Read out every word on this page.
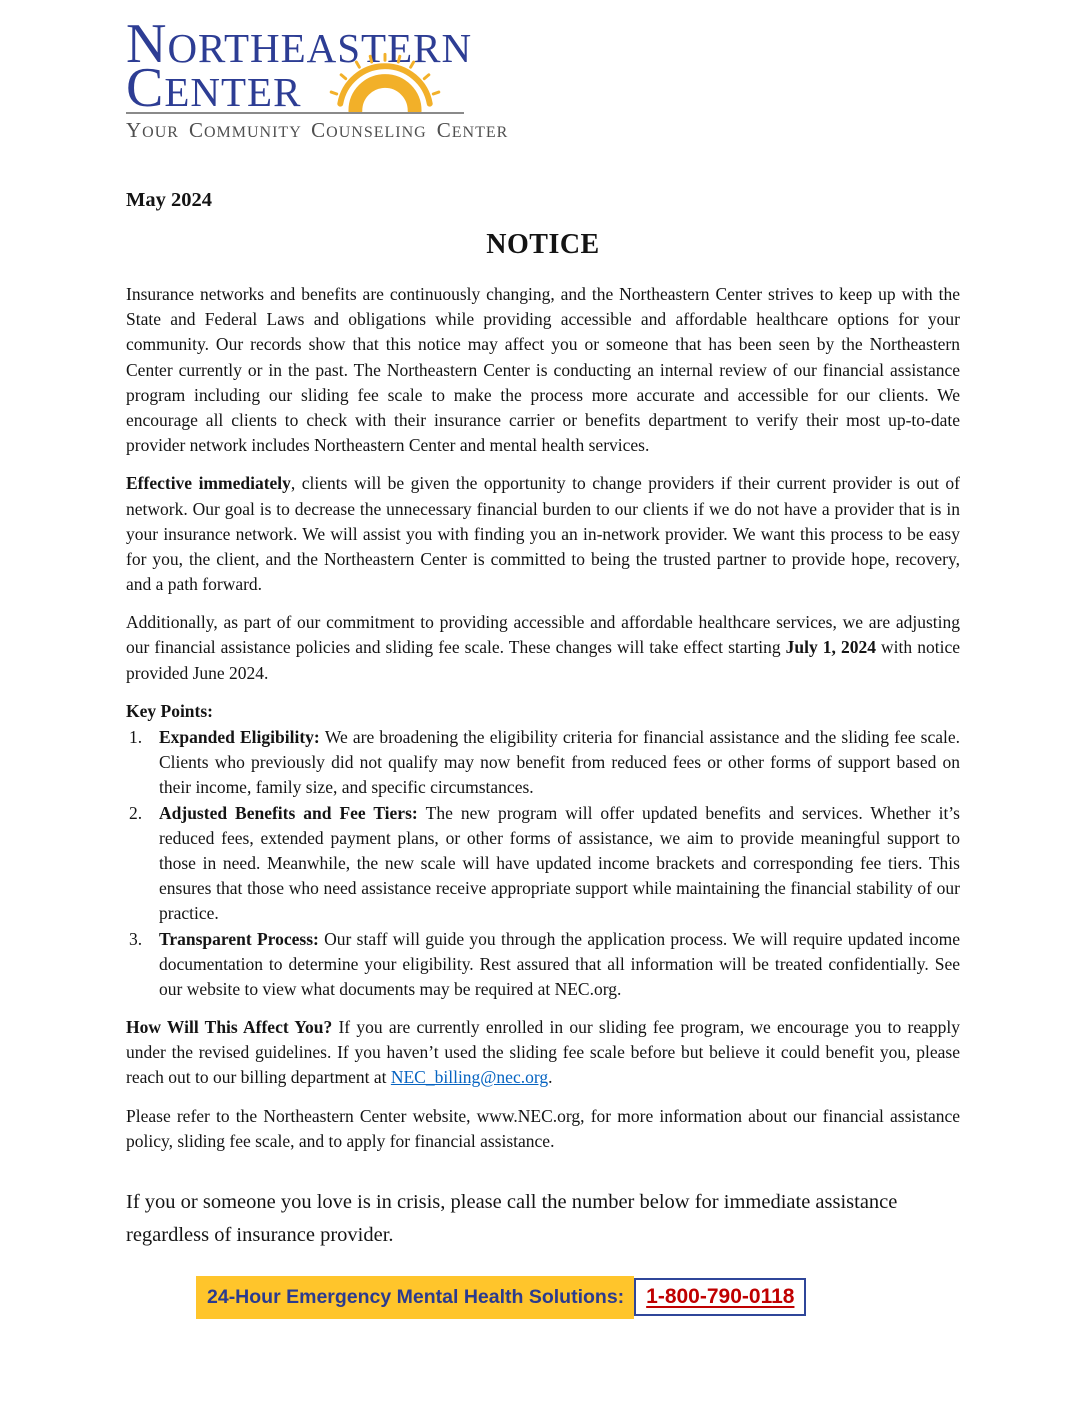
NORTHEASTERN
CENTER
YOUR COMMUNITY COUNSELING CENTER
May 2024
NOTICE

Insurance networks and benefits are continuously changing, and the Northeastern Center strives to keep up with the State and Federal Laws and obligations while providing accessible and affordable healthcare options for your community. Our records show that this notice may affect you or someone that has been seen by the Northeastern Center currently or in the past. The Northeastern Center is conducting an internal review of our financial assistance program including our sliding fee scale to make the process more accurate and accessible for our clients. We encourage all clients to check with their insurance carrier or benefits department to verify their most up-to-date provider network includes Northeastern Center and mental health services.

Effective immediately, clients will be given the opportunity to change providers if their current provider is out of network. Our goal is to decrease the unnecessary financial burden to our clients if we do not have a provider that is in your insurance network. We will assist you with finding you an in-network provider. We want this process to be easy for you, the client, and the Northeastern Center is committed to being the trusted partner to provide hope, recovery, and a path forward.

Additionally, as part of our commitment to providing accessible and affordable healthcare services, we are adjusting our financial assistance policies and sliding fee scale. These changes will take effect starting July 1, 2024 with notice provided June 2024.

Key Points:
Expanded Eligibility: We are broadening the eligibility criteria for financial assistance and the sliding fee scale. Clients who previously did not qualify may now benefit from reduced fees or other forms of support based on their income, family size, and specific circumstances.
Adjusted Benefits and Fee Tiers: The new program will offer updated benefits and services. Whether it’s reduced fees, extended payment plans, or other forms of assistance, we aim to provide meaningful support to those in need. Meanwhile, the new scale will have updated income brackets and corresponding fee tiers. This ensures that those who need assistance receive appropriate support while maintaining the financial stability of our practice.
Transparent Process: Our staff will guide you through the application process. We will require updated income documentation to determine your eligibility. Rest assured that all information will be treated confidentially. See our website to view what documents may be required at NEC.org.

How Will This Affect You? If you are currently enrolled in our sliding fee program, we encourage you to reapply under the revised guidelines. If you haven’t used the sliding fee scale before but believe it could benefit you, please reach out to our billing department at NEC_billing@nec.org.

Please refer to the Northeastern Center website, www.NEC.org, for more information about our financial assistance policy, sliding fee scale, and to apply for financial assistance.

If you or someone you love is in crisis, please call the number below for immediate assistance regardless of insurance provider.

24-Hour Emergency Mental Health Solutions:	1-800-790-0118
